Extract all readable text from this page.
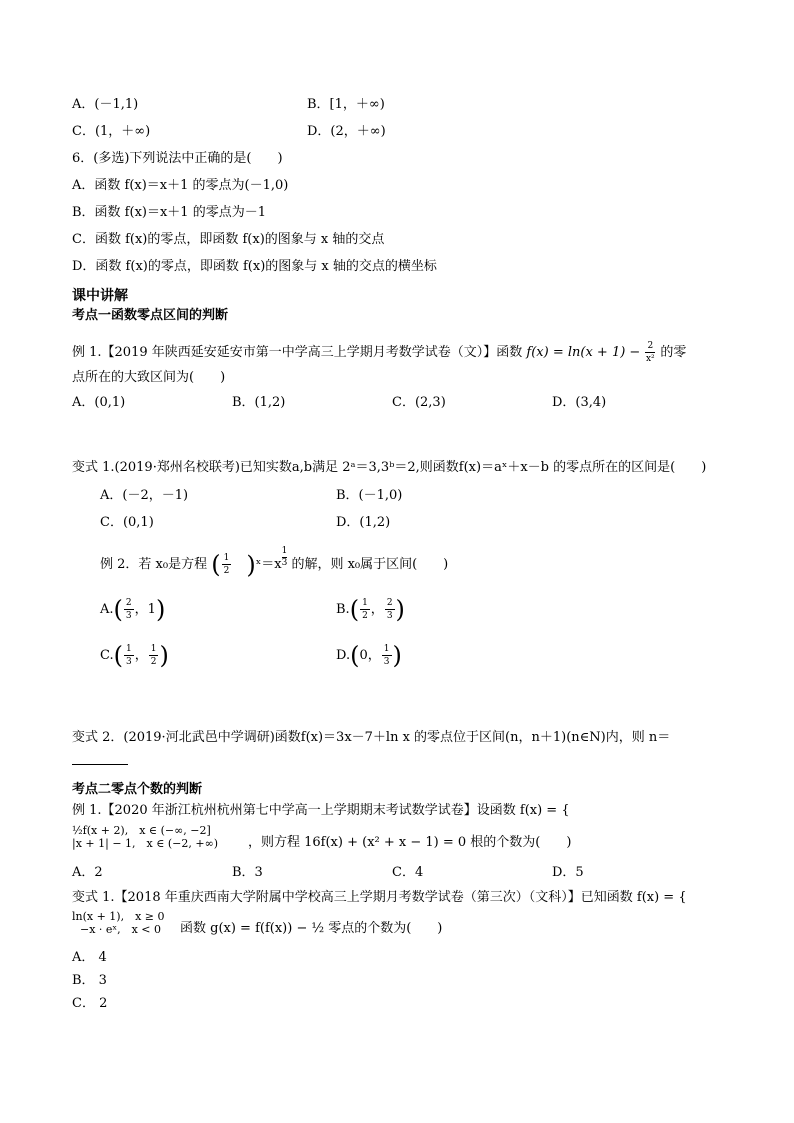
A．(－1,1)	B．[1，＋∞)
C．(1，＋∞)	D．(2，＋∞)
6．(多选)下列说法中正确的是(　　)
A．函数 f(x)＝x＋1 的零点为(－1,0)
B．函数 f(x)＝x＋1 的零点为－1
C．函数 f(x)的零点，即函数 f(x)的图象与 x 轴的交点
D．函数 f(x)的零点，即函数 f(x)的图象与 x 轴的交点的横坐标
课中讲解
考点一函数零点区间的判断
例 1.【2019 年陕西延安延安市第一中学高三上学期月考数学试卷（文）】函数 $f(x) = \ln(x + 1) - \frac{2}{\text{x²}}$ 的零
点所在的大致区间为(　　)
A．(0,1)	B．(1,2)	C．(2,3)	D．(3,4)
变式 1.(2019·郑州名校联考)已知实数a,b满足 2ᵃ＝3,3ᵇ＝2,则函数f(x)＝aˣ＋x－b 的零点所在的区间是(　　)
A．(－2，－1)	B．(－1,0)
C．(0,1)	D．(1,2)
例 2．若 x₀是方程 ( $\frac{1}{2}$ )ˣ＝x $\frac{1}{3}$ 的解，则 x₀属于区间(　　)
$A.( \frac{2}{3}$ ，1)	$B.( \frac{1}{2}$ ， $\frac{2}{3}$ )
$C.( \frac{1}{3}$ ， $\frac{1}{2}$ )	D.(0， $\frac{1}{3}$ )
变式 2．(2019·河北武邑中学调研)函数f(x)＝3x－7＋ln x 的零点位于区间(n，n＋1)(n∈N)内，则 n＝
考点二零点个数的判断
例 1.【2020 年浙江杭州杭州第七中学高一上学期期末考试数学试卷】设函数 f(x) = {
½f(x + 2),　x ∈ (−∞, −2]
|x + 1| − 1,　x ∈ (−2, +∞) ，则方程 16f(x) + (x² + x − 1) = 0 根的个数为(　　)
A．2	B．3	C．4	D．5
变式 1.【2018 年重庆西南大学附属中学校高三上学期月考数学试卷（第三次）（文科）】已知函数 f(x) = {
ln(x + 1),　x ≥ 0
−x · eˣ,　x < 0 函数 g(x) = f(f(x)) − ½ 零点的个数为(　　)
A． 4
B． 3
C． 2
